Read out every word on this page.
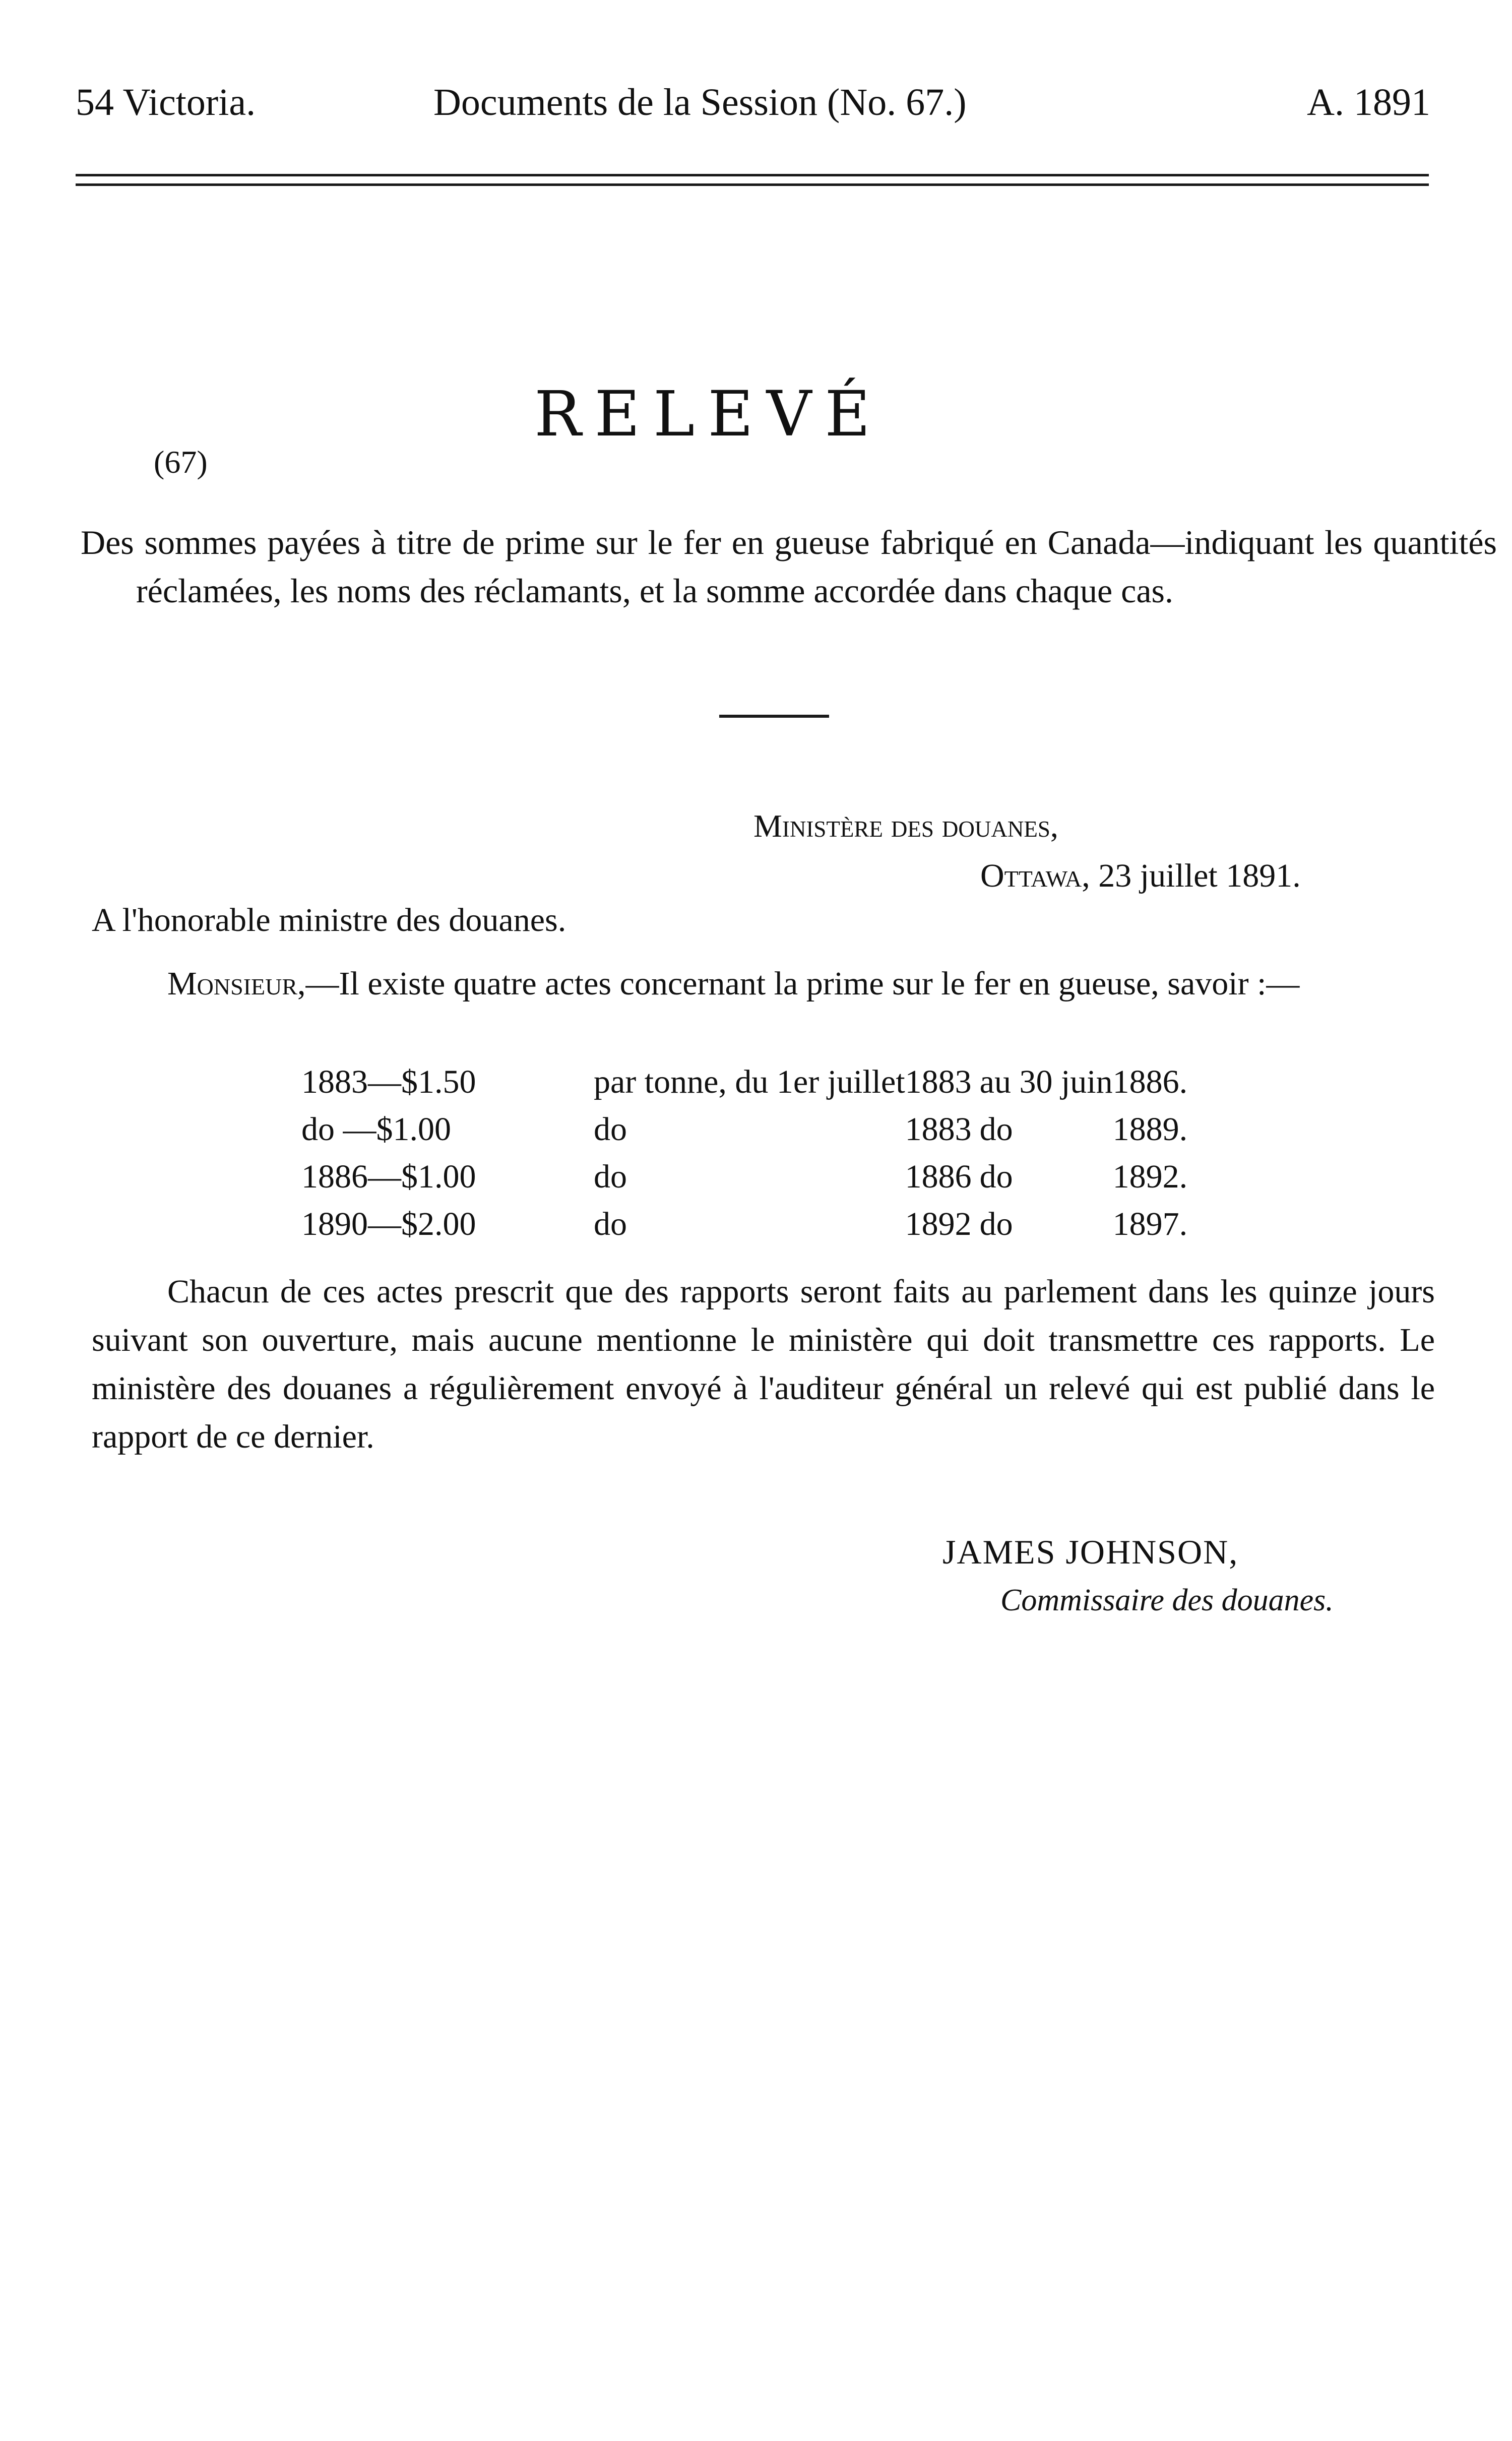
54 Victoria.	Documents de la Session (No. 67.)	A. 1891
RELEVÉ
(67)

Des sommes payées à titre de prime sur le fer en gueuse fabriqué en Canada—indiquant les quantités réclamées, les noms des réclamants, et la somme accordée dans chaque cas.

Ministère des douanes,
Ottawa, 23 juillet 1891.
A l'honorable ministre des douanes.

Monsieur,—Il existe quatre actes concernant la prime sur le fer en gueuse, savoir :—

1883—$1.50	par tonne, du 1er juillet	1883	au 30 juin	1886.
do —$1.00	do	1883	do	1889.
1886—$1.00	do	1886	do	1892.
1890—$2.00	do	1892	do	1897.

Chacun de ces actes prescrit que des rapports seront faits au parlement dans les quinze jours suivant son ouverture, mais aucune mentionne le ministère qui doit transmettre ces rapports. Le ministère des douanes a régulièrement envoyé à l'auditeur général un relevé qui est publié dans le rapport de ce dernier.

JAMES JOHNSON,
Commissaire des douanes.
